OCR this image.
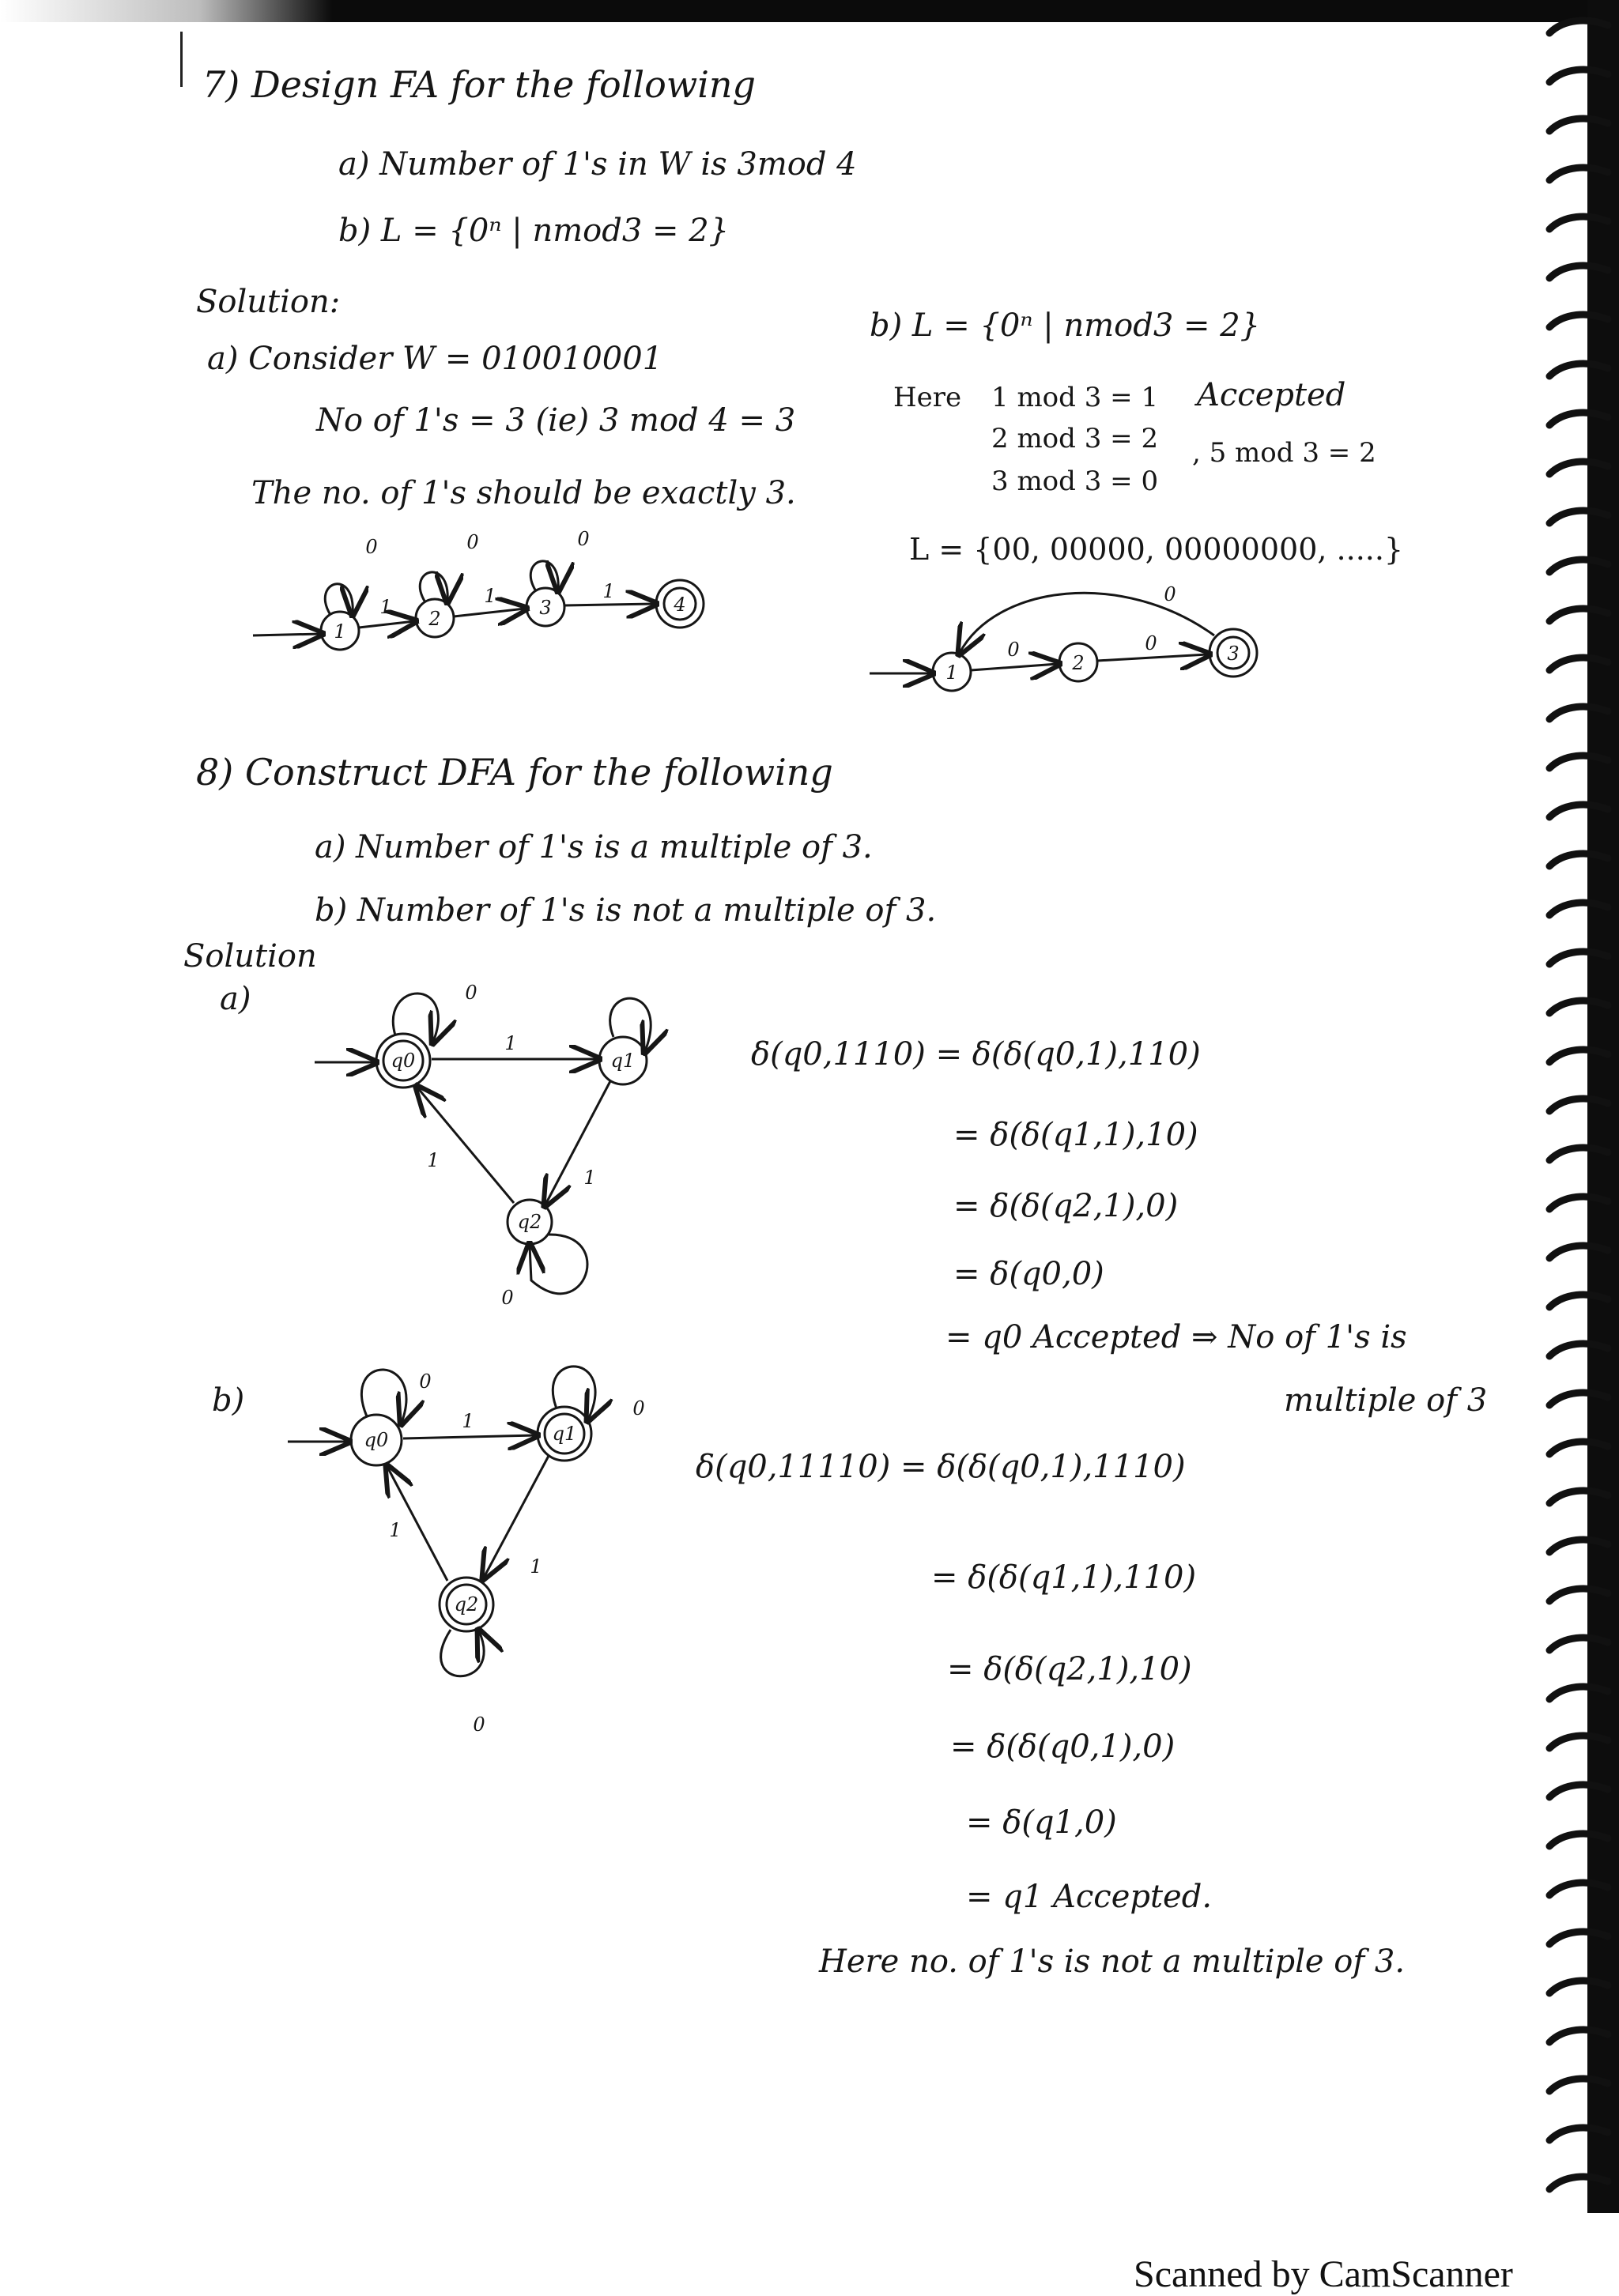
7) Design FA for the following
a) Number of 1's in W is 3mod 4
b) L = {0ⁿ | nmod3 = 2}
Solution:
a) Consider W = 010010001
No of 1's = 3 (ie) 3 mod 4 = 3
The no. of 1's should be exactly 3.
b) L = {0ⁿ | nmod3 = 2}
Here 1 mod 3 = 1
2 mod 3 = 2
3 mod 3 = 0
Accepted
, 5 mod 3 = 2
L = {00, 00000, 00000000, .....}
8) Construct DFA for the following
a) Number of 1's is a multiple of 3.
b) Number of 1's is not a multiple of 3.
Solution
a)
b)
δ(q0,1110) = δ(δ(q0,1),110)
= δ(δ(q1,1),10)
= δ(δ(q2,1),0)
= δ(q0,0)
= q0 Accepted ⇒ No of 1's is
multiple of 3
δ(q0,11110) = δ(δ(q0,1),1110)
= δ(δ(q1,1),110)
= δ(δ(q2,1),10)
= δ(δ(q0,1),0)
= δ(q1,0)
= q1 Accepted.
Here no. of 1's is not a multiple of 3.
Scanned by CamScanner
1
2	3	4
1	2	3
q0	q1
q2
q0	q1
q2
0	0	0
1	1	1
0	0
0
0
1
1
1
0
0
0
1
1
1
0
